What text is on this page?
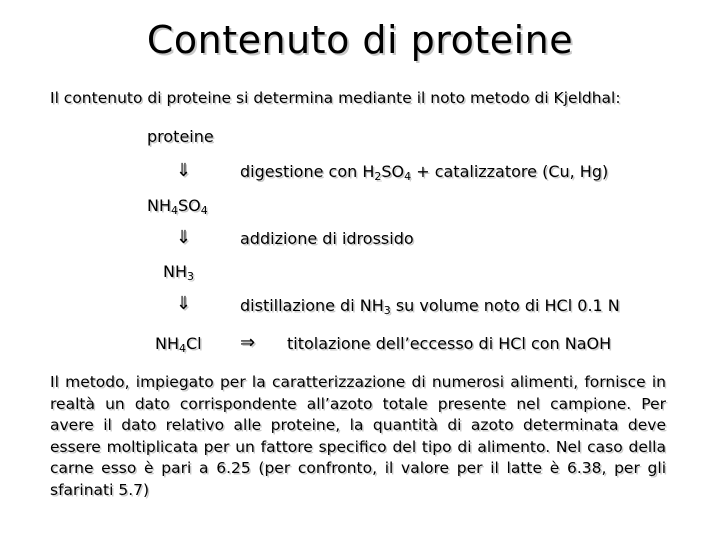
Contenuto di proteine
Il contenuto di proteine si determina mediante il noto metodo di Kjeldhal:
proteine
⇓	digestione con $H_2SO_4$ + catalizzatore (Cu, Hg)
$NH_4SO_4$
⇓	addizione di idrossido
$NH_3$
⇓	distillazione di $NH_3$ su volume noto di HCl 0.1 N
$NH_4Cl$ ⇒ titolazione dell’eccesso di HCl con NaOH
Il metodo, impiegato per la caratterizzazione di numerosi alimenti, fornisce in realtà un dato corrispondente all’azoto totale presente nel campione. Per avere il dato relativo alle proteine, la quantità di azoto determinata deve essere moltiplicata per un fattore specifico del tipo di alimento. Nel caso della carne esso è pari a 6.25 (per confronto, il valore per il latte è 6.38, per gli sfarinati 5.7)
